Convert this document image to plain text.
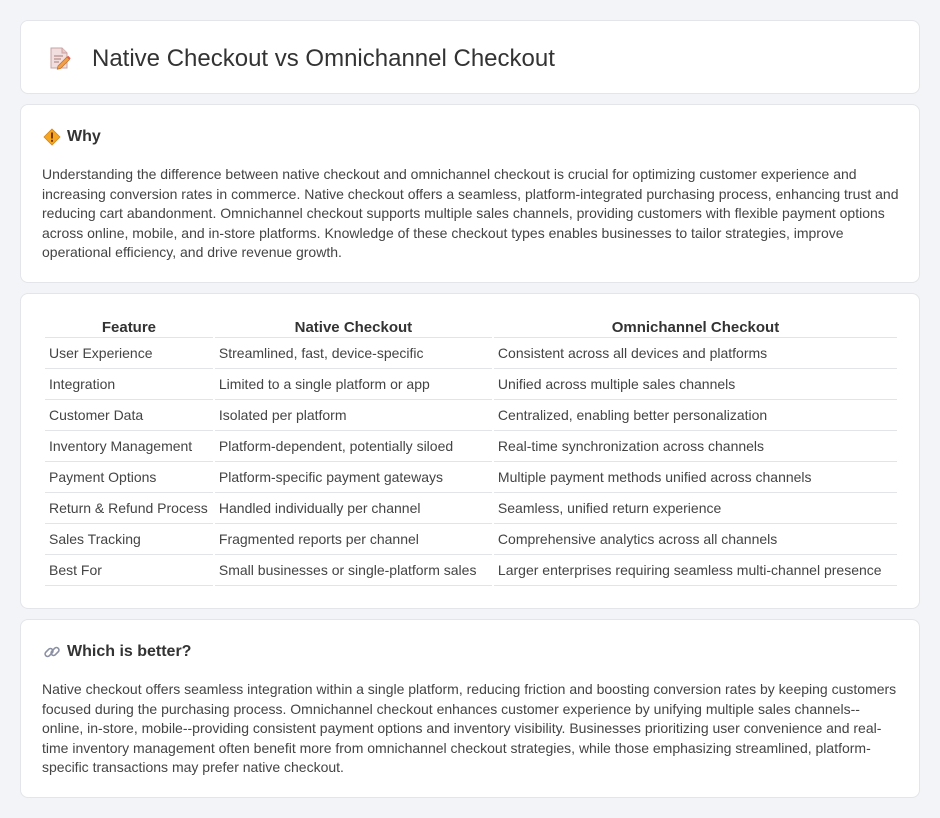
Native Checkout vs Omnichannel Checkout
Why

Understanding the difference between native checkout and omnichannel checkout is crucial for optimizing customer experience and increasing conversion rates in commerce. Native checkout offers a seamless, platform-integrated purchasing process, enhancing trust and reducing cart abandonment. Omnichannel checkout supports multiple sales channels, providing customers with flexible payment options across online, mobile, and in-store platforms. Knowledge of these checkout types enables businesses to tailor strategies, improve operational efficiency, and drive revenue growth.

Feature	Native Checkout	Omnichannel Checkout
User Experience	Streamlined, fast, device-specific	Consistent across all devices and platforms
Integration	Limited to a single platform or app	Unified across multiple sales channels
Customer Data	Isolated per platform	Centralized, enabling better personalization
Inventory Management	Platform-dependent, potentially siloed	Real-time synchronization across channels
Payment Options	Platform-specific payment gateways	Multiple payment methods unified across channels
Return & Refund Process	Handled individually per channel	Seamless, unified return experience
Sales Tracking	Fragmented reports per channel	Comprehensive analytics across all channels
Best For	Small businesses or single-platform sales	Larger enterprises requiring seamless multi-channel presence
Which is better?

Native checkout offers seamless integration within a single platform, reducing friction and boosting conversion rates by keeping customers focused during the purchasing process. Omnichannel checkout enhances customer experience by unifying multiple sales channels--online, in-store, mobile--providing consistent payment options and inventory visibility. Businesses prioritizing user convenience and real-time inventory management often benefit more from omnichannel checkout strategies, while those emphasizing streamlined, platform-specific transactions may prefer native checkout.
